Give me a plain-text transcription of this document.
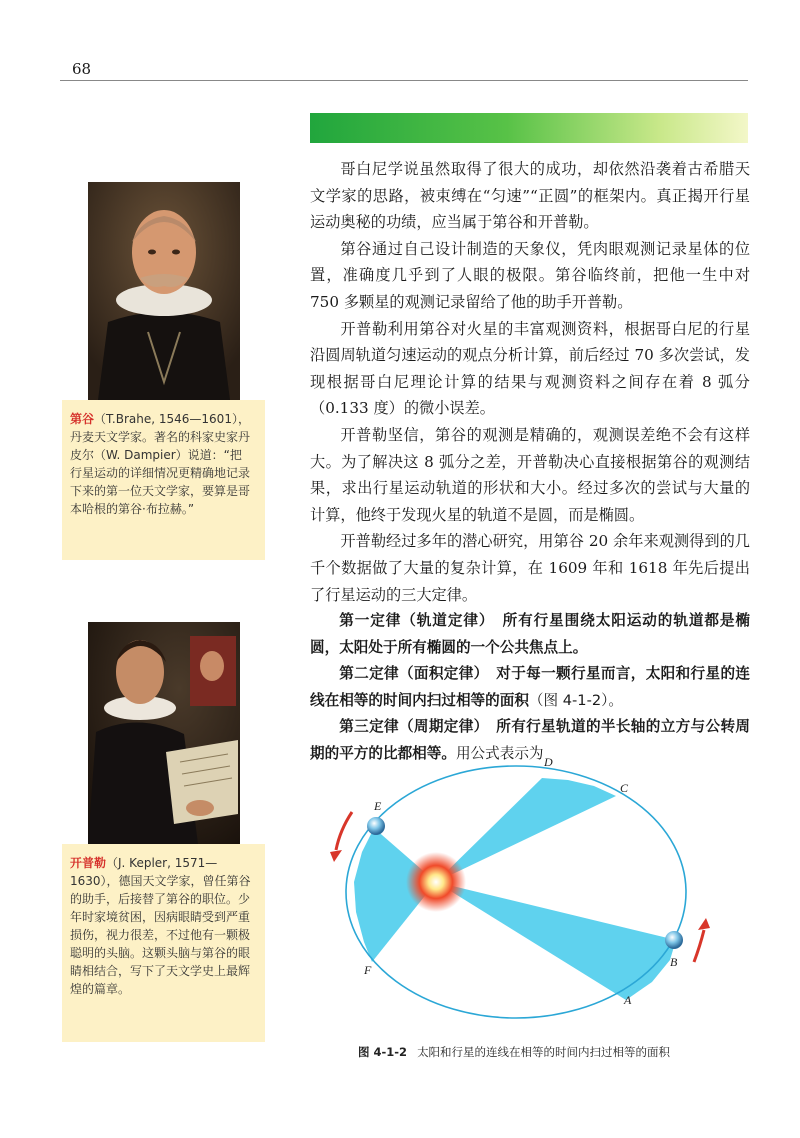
68
第谷（T.Brahe, 1546—1601），丹麦天文学家。著名的科家史家丹皮尔（W. Dampier）说道：“把行星运动的详细情况更精确地记录下来的第一位天文学家，要算是哥本哈根的第谷·布拉赫。”
开普勒（J. Kepler, 1571—1630），德国天文学家，曾任第谷的助手，后接替了第谷的职位。少年时家境贫困，因病眼睛受到严重损伤，视力很差，不过他有一颗极聪明的头脑。这颗头脑与第谷的眼睛相结合，写下了天文学史上最辉煌的篇章。

哥白尼学说虽然取得了很大的成功，却依然沿袭着古希腊天文学家的思路，被束缚在“匀速”“正圆”的框架内。真正揭开行星运动奥秘的功绩，应当属于第谷和开普勒。

第谷通过自己设计制造的天象仪，凭肉眼观测记录星体的位置，准确度几乎到了人眼的极限。第谷临终前，把他一生中对 750 多颗星的观测记录留给了他的助手开普勒。

开普勒利用第谷对火星的丰富观测资料，根据哥白尼的行星沿圆周轨道匀速运动的观点分析计算，前后经过 70 多次尝试，发现根据哥白尼理论计算的结果与观测资料之间存在着 8 弧分（0.133 度）的微小误差。

开普勒坚信，第谷的观测是精确的，观测误差绝不会有这样大。为了解决这 8 弧分之差，开普勒决心直接根据第谷的观测结果，求出行星运动轨道的形状和大小。经过多次的尝试与大量的计算，他终于发现火星的轨道不是圆，而是椭圆。

开普勒经过多年的潜心研究，用第谷 20 余年来观测得到的几千个数据做了大量的复杂计算，在 1609 年和 1618 年先后提出了行星运动的三大定律。

第一定律（轨道定律）　 所有行星围绕太阳运动的轨道都是椭圆，太阳处于所有椭圆的一个公共焦点上。

第二定律（面积定律）　 对于每一颗行星而言，太阳和行星的连线在相等的时间内扫过相等的面积（图 4-1-2）。

第三定律（周期定律）　 所有行星轨道的半长轴的立方与公转周期的平方的比都相等。用公式表示为 D
C
E
F
B
A
图 4-1-2 太阳和行星的连线在相等的时间内扫过相等的面积
